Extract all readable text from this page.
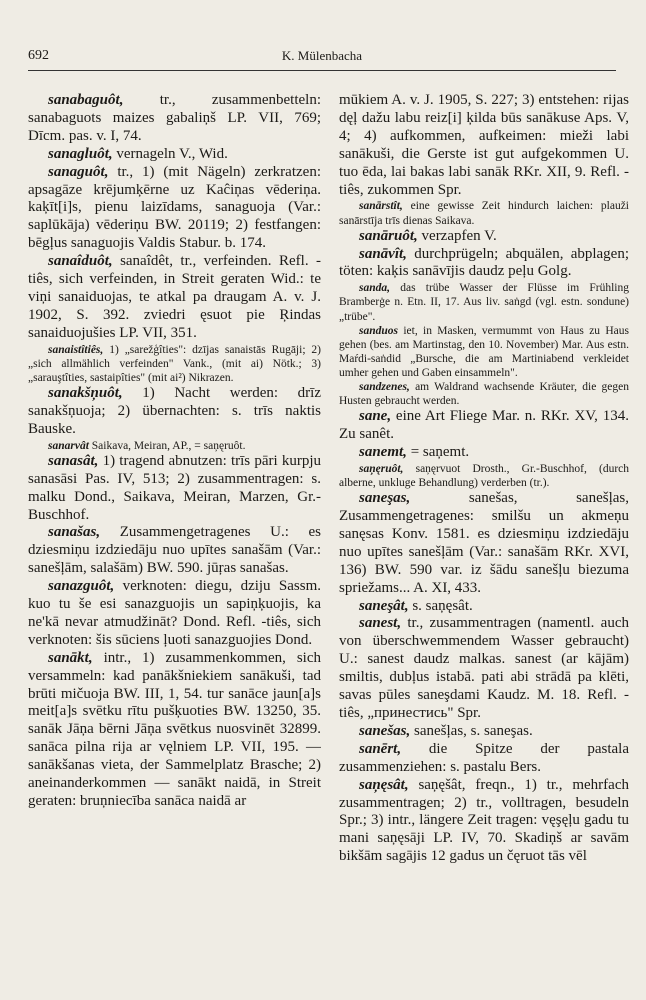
692	K. Mülenbacha

sanabaguôt, tr., zusammenbetteln: sanabaguots maizes gabaliņš LP. VII, 769; Dīcm. pas. v. I, 74.

sanagluôt, vernageln V., Wid.

sanaguôt, tr., 1) (mit Nägeln) zerkratzen: apsagāze krējumķērne uz Kaĉiņas vēderiņa. kaķīt[i]s, pienu laizīdams, sanaguoja (Var.: saplūkāja) vēderiņu BW. 20119; 2) festfangen: bēgļus sanaguojis Valdis Stabur. b. 174.

sanaîduôt, sanaîdêt, tr., verfeinden. Refl. -tiês, sich verfeinden, in Streit geraten Wid.: te viņi sanaiduojas, te atkal pa draugam A. v. J. 1902, S. 392. zviedri ęsuot pie Ŗindas sanaiduojušies LP. VII, 351.

sanaistîtiês, 1) „sarežģîties": dzījas sanaistās Rugāji; 2) „sich allmählich verfeinden" Vank., (mit ai) Nötk.; 3) „sarauştîties, sastaipîties" (mit ai²) Nikrazen.

sanakšņuôt, 1) Nacht werden: drīz sanakšņuoja; 2) übernachten: s. trīs naktis Bauske.

sanarvât Saikava, Meiran, AP., = saņęruôt.

sanasât, 1) tragend abnutzen: trīs pāri kurpju sanasāsi Pas. IV, 513; 2) zusammentragen: s. malku Dond., Saikava, Meiran, Marzen, Gr.-Buschhof.

sanašas, Zusammengetragenes U.: es dziesmiņu izdziedāju nuo upītes sanašām (Var.: sanešļām, salašām) BW. 590. jūŗas sanašas.

sanazguôt, verknoten: diegu, dziju Sassm. kuo tu še esi sanazguojis un sapiņķuojis, ka ne'kā nevar atmudžināt? Dond. Refl. -tiês, sich verknoten: šis sūciens ļuoti sanazguojies Dond.

sanākt, intr., 1) zusammenkommen, sich versammeln: kad panākšniekiem sanākuši, tad brūti mičuoja BW. III, 1, 54. tur sanāce jaun[a]s meit[a]s svētku rītu pušķuoties BW. 13250, 35. sanāk Jāņa bērni Jāņa svētkus nuosvinēt 32899. sanāca pilna rija ar vęlniem LP. VII, 195. — sanākšanas vieta, der Sammelplatz Brasche; 2) aneinanderkommen — sanākt naidā, in Streit geraten: bruņniecība sanāca naidā ar

mūkiem A. v. J. 1905, S. 227; 3) entstehen: rijas dęļ dažu labu reiz[i] ķilda būs sanākuse Aps. V, 4; 4) aufkommen, aufkeimen: mieži labi sanākuši, die Gerste ist gut aufgekommen U. tuo ēda, lai bakas labi sanāk RKr. XII, 9. Refl. -tiês, zukommen Spr.

sanārstît, eine gewisse Zeit hindurch laichen: plauži sanārstīja trīs dienas Saikava.

sanāruôt, verzapfen V.

sanāvît, durchprügeln; abquälen, abplagen; töten: kaķis sanāvījis daudz peļu Golg.

sanda, das trübe Wasser der Flüsse im Frühling Bramberġe n. Etn. II, 17. Aus liv. saṅgd (vgl. estn. sondune) „trübe".

sanduos iet, in Masken, vermummt von Haus zu Haus gehen (bes. am Martinstag, den 10. November) Mar. Aus estn. Maŕdi-saṅdid „Bursche, die am Martiniabend verkleidet umher gehen und Gaben einsammeln".

sandzenes, am Waldrand wachsende Kräuter, die gegen Husten gebraucht werden.

sane, eine Art Fliege Mar. n. RKr. XV, 134. Zu sanêt.

sanemt, = saņemt.

saņęruôt, saņęrvuot Drosth., Gr.-Buschhof, (durch alberne, unkluge Behandlung) verderben (tr.).

saneşas,	sanešas, sanešļas, Zusammengetragenes: smilšu un akmeņu sanęsas Konv. 1581. es dziesmiņu izdziedāju nuo upītes sanešļām (Var.: sanašām RKr. XVI, 136) BW. 590 var. iz šādu sanešļu biezuma spriežams... A. XI, 433.

saneşât, s. saņęsât.

sanest, tr., zusammentragen (namentl. auch von überschwemmendem Wasser gebraucht) U.: sanest daudz malkas. sanest (ar kājām) smiltis, dubļus istabā. pati abi strādā pa klēti, savas pūles saneşdami Kaudz. M. 18. Refl. -tiês, „принестись" Spr.

sanešas, sanešļas, s. saneşas.

sanērt, die Spitze der pastala zusammenziehen: s. pastalu Bers.

saņęsât, saņęšât, freqn., 1) tr., mehrfach zusammentragen; 2) tr., volltragen, besudeln Spr.; 3) intr., längere Zeit tragen: vęşęļu gadu tu mani saņęsāji LP. IV, 70. Skadiņš ar savām bikšām sagājis 12 gadus un čęruot tās vēl
